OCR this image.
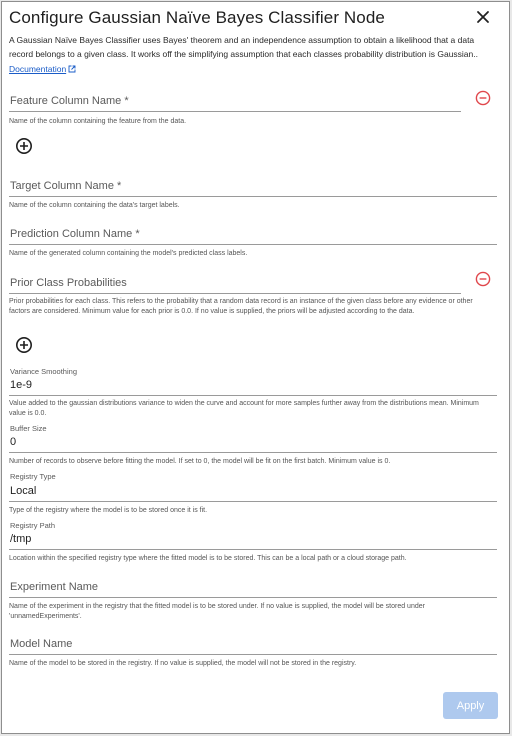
Configure Gaussian Naïve Bayes Classifier Node
A Gaussian Naïve Bayes Classifier uses Bayes' theorem and an independence assumption to obtain a likelihood that a data record belongs to a given class. It works off the simplifying assumption that each classes probability distribution is Gaussian..
Documentation
Feature Column Name *
Name of the column containing the feature from the data.
Target Column Name *
Name of the column containing the data's target labels.
Prediction Column Name *
Name of the generated column containing the model's predicted class labels.
Prior Class Probabilities
Prior probabilities for each class. This refers to the probability that a random data record is an instance of the given class before any evidence or other factors are considered. Minimum value for each prior is 0.0. If no value is supplied, the priors will be adjusted according to the data.
Variance Smoothing
1e-9
Value added to the gaussian distributions variance to widen the curve and account for more samples further away from the distributions mean. Minimum value is 0.0.
Buffer Size
0
Number of records to observe before fitting the model. If set to 0, the model will be fit on the first batch. Minimum value is 0.
Registry Type
Local
Type of the registry where the model is to be stored once it is fit.
Registry Path
/tmp
Location within the specified registry type where the fitted model is to be stored. This can be a local path or a cloud storage path.
Experiment Name
Name of the experiment in the registry that the fitted model is to be stored under. If no value is supplied, the model will be stored under 'unnamedExperiments'.
Model Name
Name of the model to be stored in the registry. If no value is supplied, the model will not be stored in the registry.
Apply
